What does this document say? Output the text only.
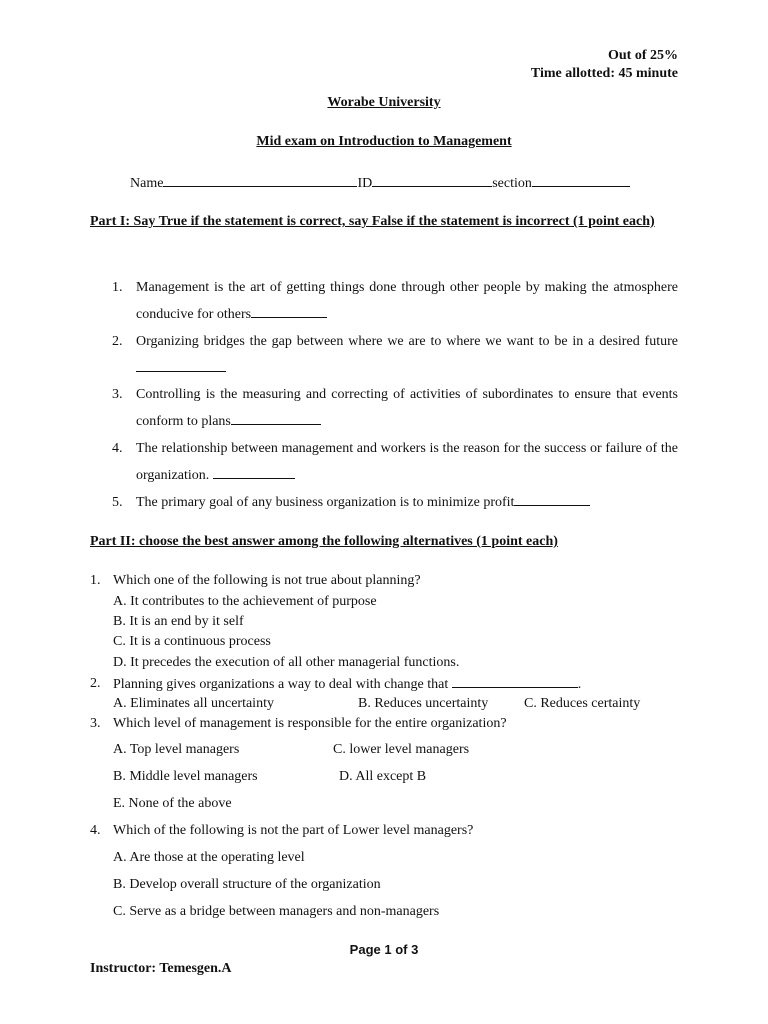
Out of 25%
Time allotted: 45 minute
Worabe University
Mid exam on Introduction to Management
Name	ID	section
Part I: Say True if the statement is correct, say False if the statement is incorrect (1 point each)
1. Management is the art of getting things done through other people by making the atmosphere conducive for others
2. Organizing bridges the gap between where we are to where we want to be in a desired future
3. Controlling is the measuring and correcting of activities of subordinates to ensure that events conform to plans
4. The relationship between management and workers is the reason for the success or failure of the organization.
5. The primary goal of any business organization is to minimize profit
Part II: choose the best answer among the following alternatives (1 point each)
1. Which one of the following is not true about planning?
A. It contributes to the achievement of purpose
B. It is an end by it self
C. It is a continuous process
D. It precedes the execution of all other managerial functions.
2. Planning gives organizations a way to deal with change that	.
A. Eliminates all uncertainty	B. Reduces uncertainty	C. Reduces certainty
3. Which level of management is responsible for the entire organization?
A. Top level managers	C. lower level managers
B. Middle level managers	D. All except B
E. None of the above
4. Which of the following is not the part of Lower level managers?
A. Are those at the operating level
B. Develop overall structure of the organization
C. Serve as a bridge between managers and non-managers
Page 1 of 3
Instructor: Temesgen.A
